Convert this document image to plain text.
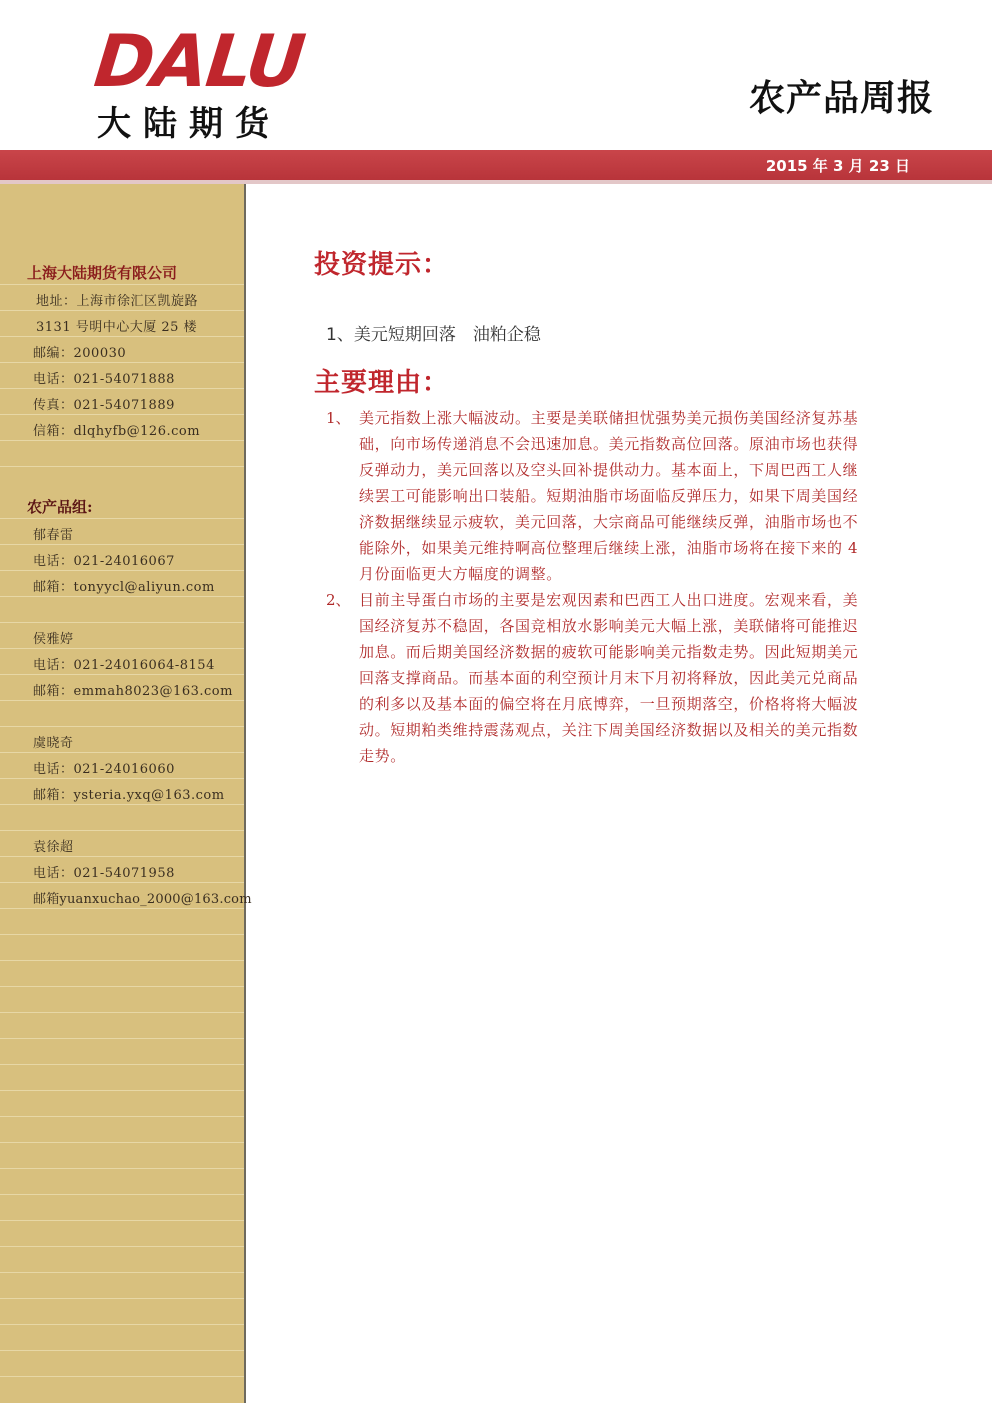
DALU
大陆期货
农产品周报
2015 年 3 月 23 日
上海大陆期货有限公司
地址：上海市徐汇区凯旋路
3131 号明中心大厦 25 楼
邮编：200030
电话：021-54071888
传真：021-54071889
信箱：dlqhyfb@126.com
农产品组:
郁春雷
电话：021-24016067
邮箱：tonyycl@aliyun.com
侯雅婷
电话：021-24016064-8154
邮箱：emmah8023@163.com
虞晓奇
电话：021-24016060
邮箱：ysteria.yxq@163.com
袁徐超
电话：021-54071958
邮箱yuanxuchao_2000@163.com
投资提示：
1、美元短期回落　油粕企稳
主要理由：
1、 美元指数上涨大幅波动。主要是美联储担忧强势美元损伤美国经济复苏基
础，向市场传递消息不会迅速加息。美元指数高位回落。原油市场也获得
反弹动力，美元回落以及空头回补提供动力。基本面上，下周巴西工人继
续罢工可能影响出口装船。短期油脂市场面临反弹压力，如果下周美国经
济数据继续显示疲软，美元回落，大宗商品可能继续反弹，油脂市场也不
能除外，如果美元维持啊高位整理后继续上涨，油脂市场将在接下来的 4
月份面临更大方幅度的调整。
2、 目前主导蛋白市场的主要是宏观因素和巴西工人出口进度。宏观来看，美
国经济复苏不稳固，各国竞相放水影响美元大幅上涨，美联储将可能推迟
加息。而后期美国经济数据的疲软可能影响美元指数走势。因此短期美元
回落支撑商品。而基本面的利空预计月末下月初将释放，因此美元兑商品
的利多以及基本面的偏空将在月底博弈，一旦预期落空，价格将将大幅波
动。短期粕类维持震荡观点，关注下周美国经济数据以及相关的美元指数
走势。
